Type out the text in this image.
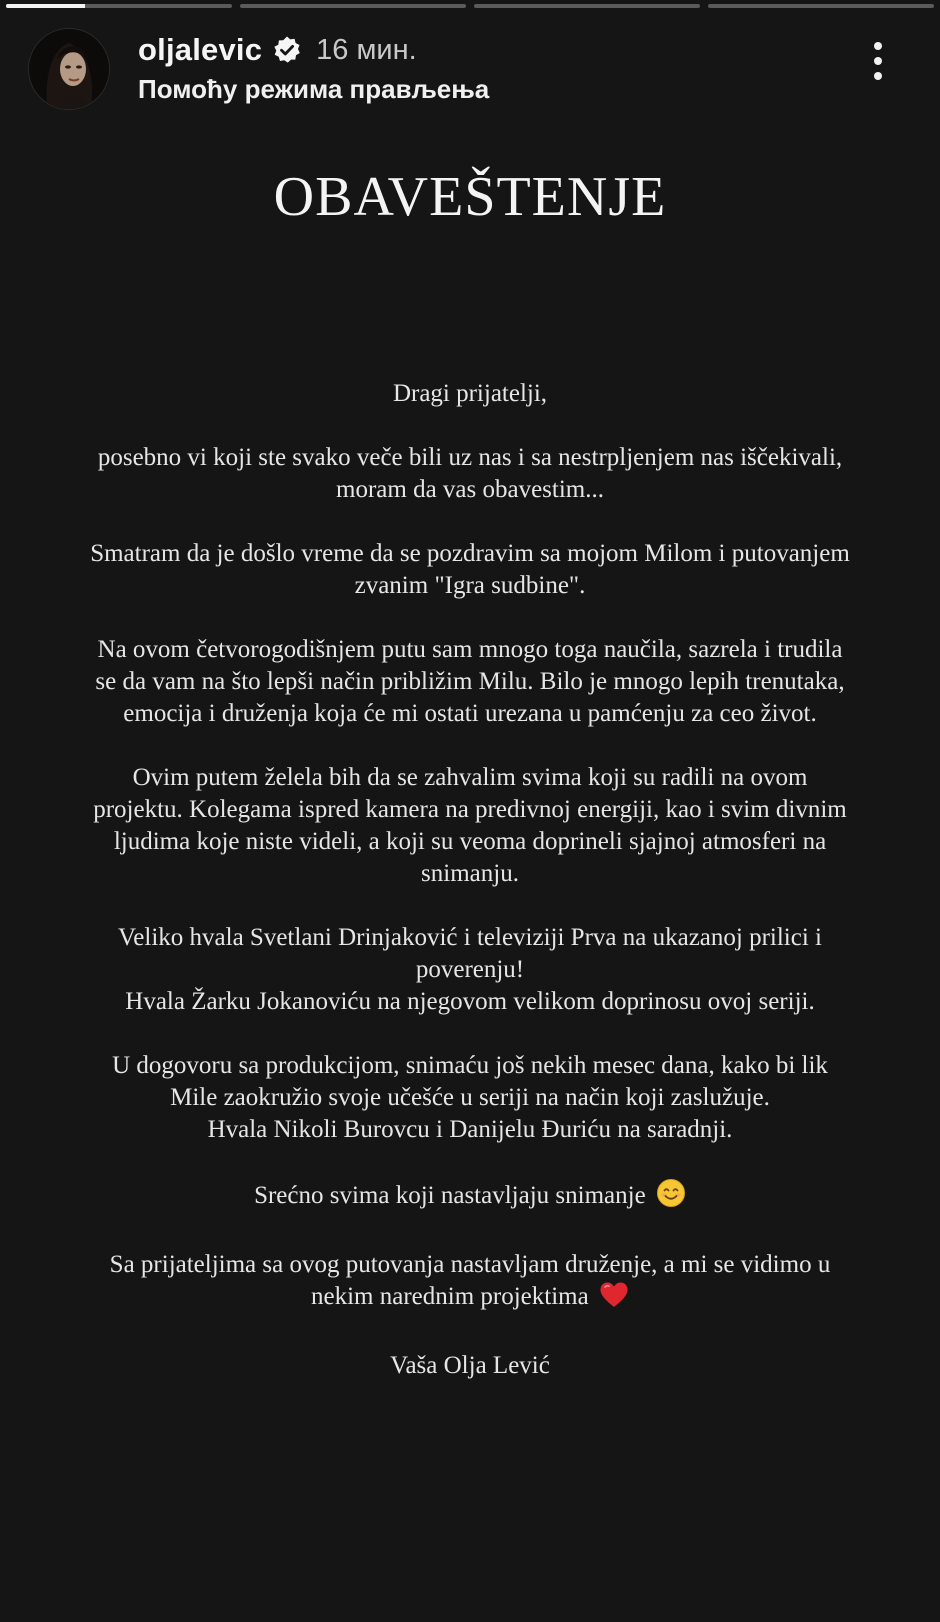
oljalevic 16 мин.
Помоћу режима прављења
OBAVEŠTENJE
Dragi prijatelji,
posebno vi koji ste svako veče bili uz nas i sa nestrpljenjem nas iščekivali,
moram da vas obavestim...
Smatram da je došlo vreme da se pozdravim sa mojom Milom i putovanjem
zvanim "Igra sudbine".
Na ovom četvorogodišnjem putu sam mnogo toga naučila, sazrela i trudila
se da vam na što lepši način približim Milu. Bilo je mnogo lepih trenutaka,
emocija i druženja koja će mi ostati urezana u pamćenju za ceo život.
Ovim putem želela bih da se zahvalim svima koji su radili na ovom
projektu. Kolegama ispred kamera na predivnoj energiji, kao i svim divnim
ljudima koje niste videli, a koji su veoma doprineli sjajnoj atmosferi na
snimanju.
Veliko hvala Svetlani Drinjaković i televiziji Prva na ukazanoj prilici i
poverenju!
Hvala Žarku Jokanoviću na njegovom velikom doprinosu ovoj seriji.
U dogovoru sa produkcijom, snimaću još nekih mesec dana, kako bi lik
Mile zaokružio svoje učešće u seriji na način koji zaslužuje.
Hvala Nikoli Burovcu i Danijelu Đuriću na saradnji.
Srećno svima koji nastavljaju snimanje
Sa prijateljima sa ovog putovanja nastavljam druženje, a mi se vidimo u
nekim narednim projektima
Vaša Olja Lević
